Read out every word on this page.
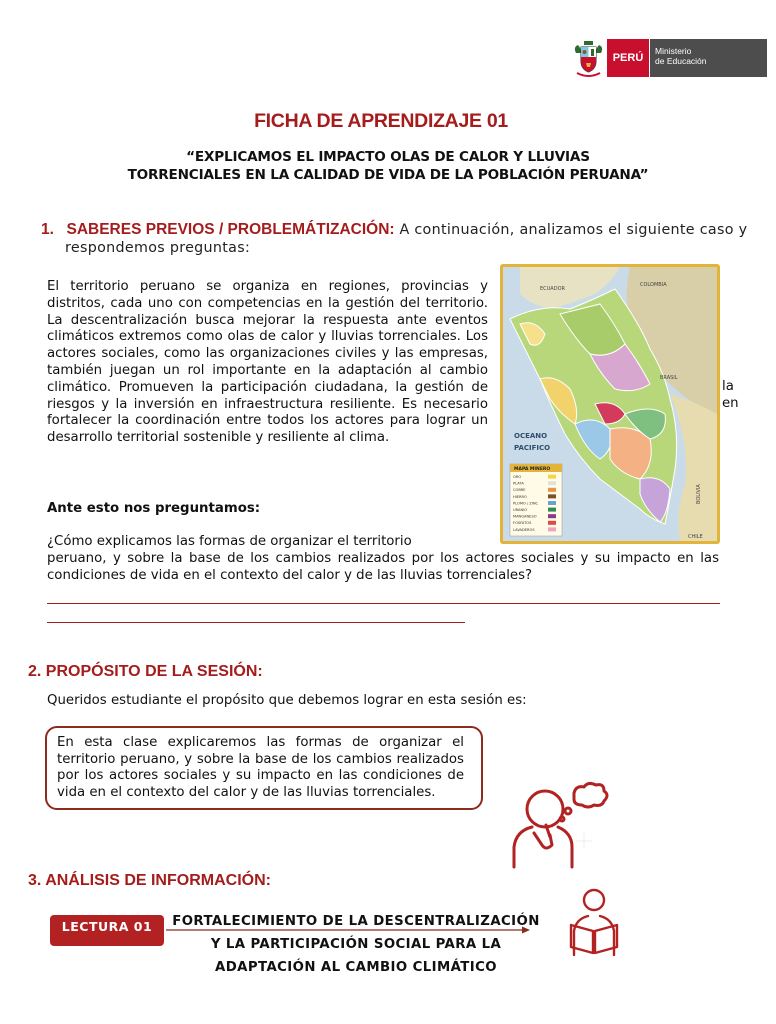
PERÚ
Ministerio
de Educación
FICHA DE APRENDIZAJE 01
“EXPLICAMOS EL IMPACTO OLAS DE CALOR Y LLUVIAS
TORRENCIALES EN LA CALIDAD DE VIDA DE LA POBLACIÓN PERUANA”
1. SABERES PREVIOS / PROBLEMÁTIZACIÓN: A continuación, analizamos el siguiente caso y
respondemos preguntas:
El territorio peruano se organiza en regiones, provincias y distritos, cada uno con competencias en la gestión del territorio. La descentralización busca mejorar la respuesta ante eventos climáticos extremos como olas de calor y lluvias torrenciales. Los actores sociales, como las organizaciones civiles y las empresas, también juegan un rol importante en la adaptación al cambio climático. Promueven la participación ciudadana, la gestión de riesgos y la inversión en infraestructura resiliente. Es necesario fortalecer la coordinación entre todos los actores para lograr un desarrollo territorial sostenible y resiliente al clima.
la
en
ECUADOR
COLOMBIA
BRASIL
BOLIVIA
CHILE
OCEANO
PACIFICO
MAPA MINERO
ORO
PLATA
COBRE
HIERRO
PLOMO / ZINC
URANIO
MANGANESO
FOSFATOS
LAVADEROS
Ante esto nos preguntamos:
¿Cómo explicamos las formas de organizar el territorio
peruano, y sobre la base de los cambios realizados por los actores sociales y su impacto en las condiciones de vida en el contexto del calor y de las lluvias torrenciales?
2. PROPÓSITO DE LA SESIÓN:
Queridos estudiante el propósito que debemos lograr en esta sesión es:

En esta clase explicaremos las formas de organizar el territorio peruano, y sobre la base de los cambios realizados por los actores sociales y su impacto en las condiciones de vida en el contexto del calor y de las lluvias torrenciales.

3. ANÁLISIS DE INFORMACIÓN:
LECTURA 01	FORTALECIMIENTO DE LA DESCENTRALIZACIÓN Y LA PARTICIPACIÓN SOCIAL PARA LA ADAPTACIÓN AL CAMBIO CLIMÁTICO
